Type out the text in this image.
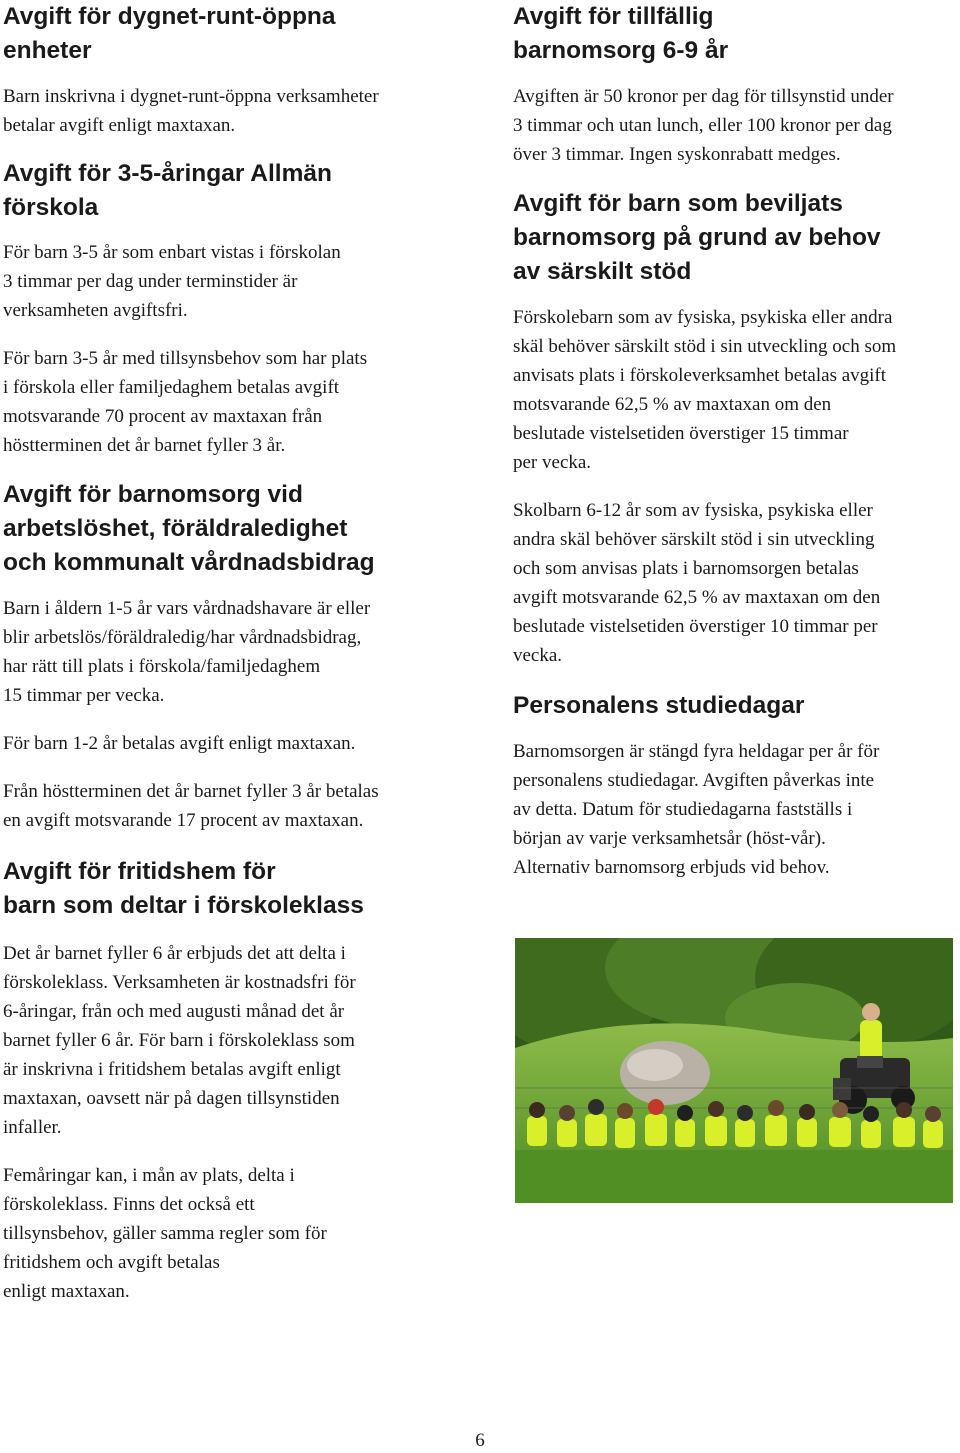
Avgift för dygnet-runt-öppna
enheter

Barn inskrivna i dygnet-runt-öppna verksamheter
betalar avgift enligt maxtaxan.

Avgift för 3-5-åringar Allmän
förskola

För barn 3-5 år som enbart vistas i förskolan
3 timmar per dag under terminstider är
verksamheten avgiftsfri.

För barn 3-5 år med tillsynsbehov som har plats
i förskola eller familjedaghem betalas avgift
motsvarande 70 procent av maxtaxan från
höstterminen det år barnet fyller 3 år.

Avgift för barnomsorg vid
arbetslöshet, föräldraledighet
och kommunalt vårdnadsbidrag

Barn i åldern 1-5 år vars vårdnadshavare är eller
blir arbetslös/föräldraledig/har vårdnadsbidrag,
har rätt till plats i förskola/familjedaghem
15 timmar per vecka.

För barn 1-2 år betalas avgift enligt maxtaxan.

Från höstterminen det år barnet fyller 3 år betalas
en avgift motsvarande 17 procent av maxtaxan.

Avgift för fritidshem för
barn som deltar i förskoleklass

Det år barnet fyller 6 år erbjuds det att delta i
förskoleklass. Verksamheten är kostnadsfri för
6-åringar, från och med augusti månad det år
barnet fyller 6 år. För barn i förskoleklass som
är inskrivna i fritidshem betalas avgift enligt
maxtaxan, oavsett när på dagen tillsynstiden
infaller.

Femåringar kan, i mån av plats, delta i
förskoleklass. Finns det också ett
tillsynsbehov, gäller samma regler som för
fritidshem och avgift betalas
enligt maxtaxan.

Avgift för tillfällig
barnomsorg 6-9 år

Avgiften är 50 kronor per dag för tillsynstid under
3 timmar och utan lunch, eller 100 kronor per dag
över 3 timmar. Ingen syskonrabatt medges.

Avgift för barn som beviljats
barnomsorg på grund av behov
av särskilt stöd

Förskolebarn som av fysiska, psykiska eller andra
skäl behöver särskilt stöd i sin utveckling och som
anvisats plats i förskoleverksamhet betalas avgift
motsvarande 62,5 % av maxtaxan om den
beslutade vistelsetiden överstiger 15 timmar
per vecka.

Skolbarn 6-12 år som av fysiska, psykiska eller
andra skäl behöver särskilt stöd i sin utveckling
och som anvisas plats i barnomsorgen betalas
avgift motsvarande 62,5 % av maxtaxan om den
beslutade vistelsetiden överstiger 10 timmar per
vecka.

Personalens studiedagar

Barnomsorgen är stängd fyra heldagar per år för
personalens studiedagar. Avgiften påverkas inte
av detta. Datum för studiedagarna fastställs i
början av varje verksamhetsår (höst-vår).
Alternativ barnomsorg erbjuds vid behov.

6
